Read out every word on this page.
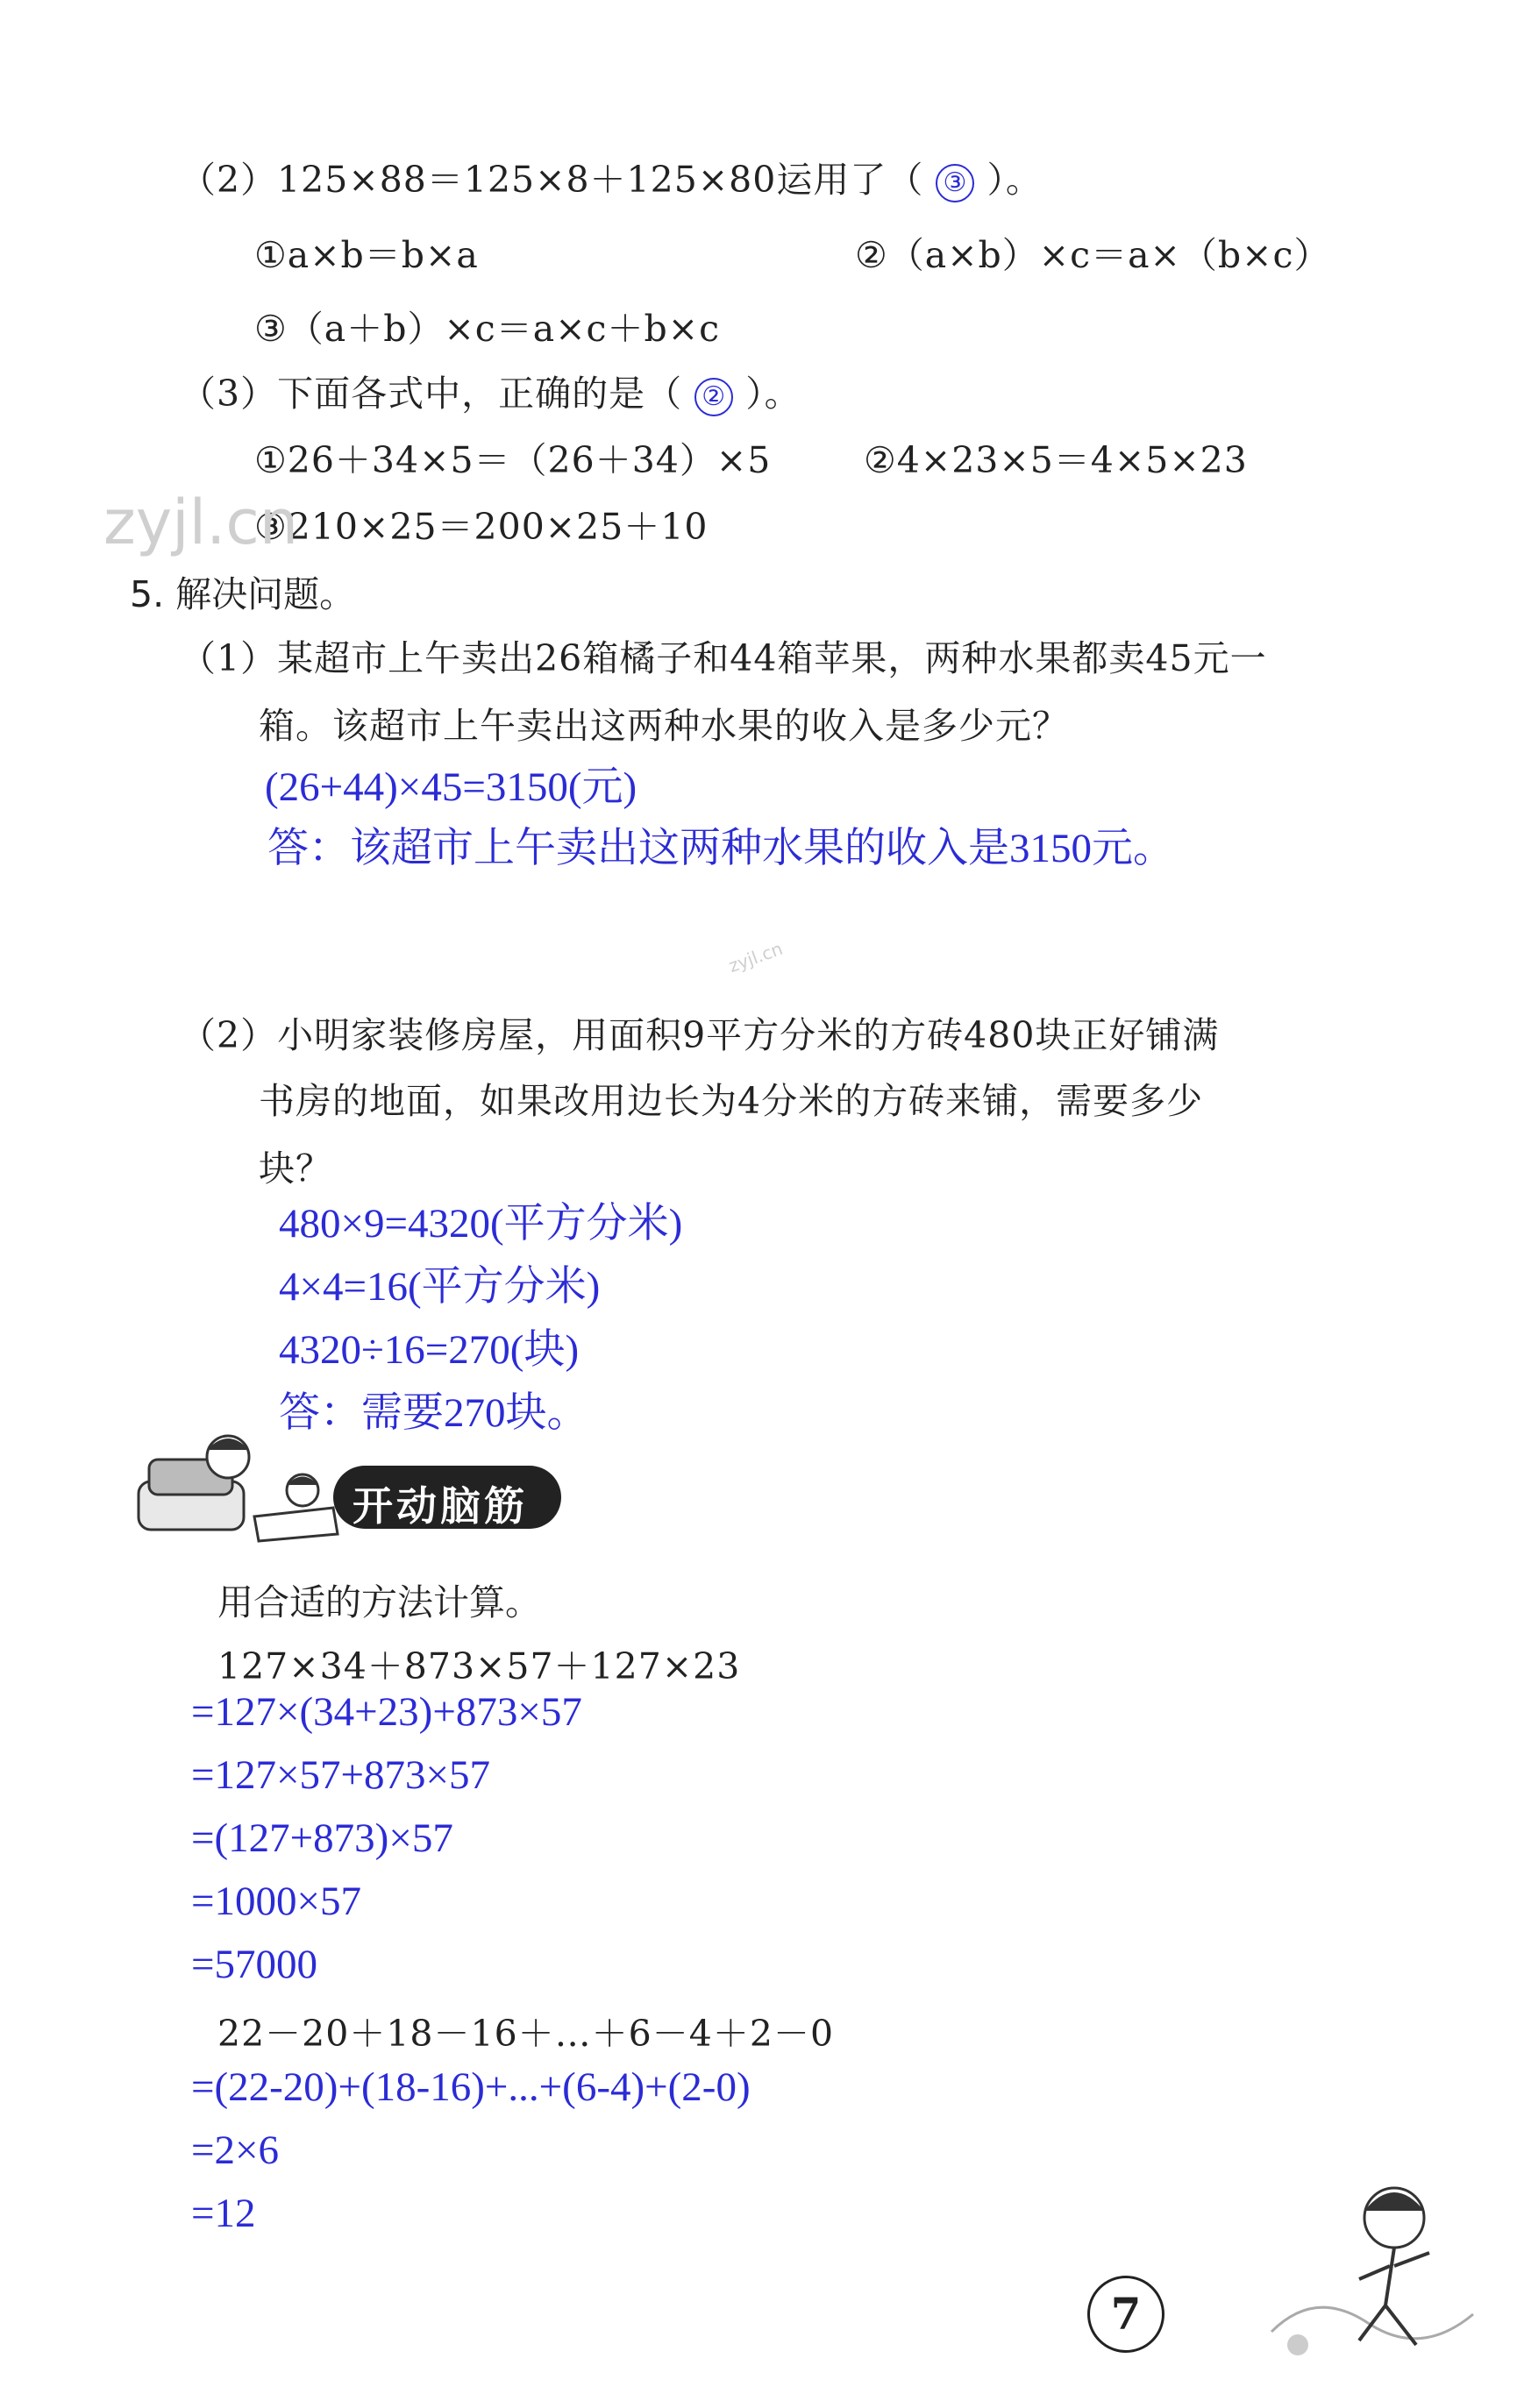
（2）125×88＝125×8＋125×80运用了（ ③ ）。
①a×b＝b×a	②（a×b）×c＝a×（b×c）
③（a＋b）×c＝a×c＋b×c
（3）下面各式中，正确的是（ ② ）。
①26＋34×5＝（26＋34）×5	②4×23×5＝4×5×23
③210×25＝200×25＋10
zyjl.cn
5. 解决问题。
（1）某超市上午卖出26箱橘子和44箱苹果，两种水果都卖45元一
箱。该超市上午卖出这两种水果的收入是多少元？
(26+44)×45=3150(元)
答：该超市上午卖出这两种水果的收入是3150元。
zyjl.cn
（2）小明家装修房屋，用面积9平方分米的方砖480块正好铺满
书房的地面，如果改用边长为4分米的方砖来铺，需要多少
块？
480×9=4320(平方分米)
4×4=16(平方分米)
4320÷16=270(块)
答：需要270块。
开动脑筋
用合适的方法计算。
127×34＋873×57＋127×23
=127×(34+23)+873×57
=127×57+873×57
=(127+873)×57
=1000×57
=57000
22－20＋18－16＋…＋6－4＋2－0
=(22-20)+(18-16)+...+(6-4)+(2-0)
=2×6
=12
7
